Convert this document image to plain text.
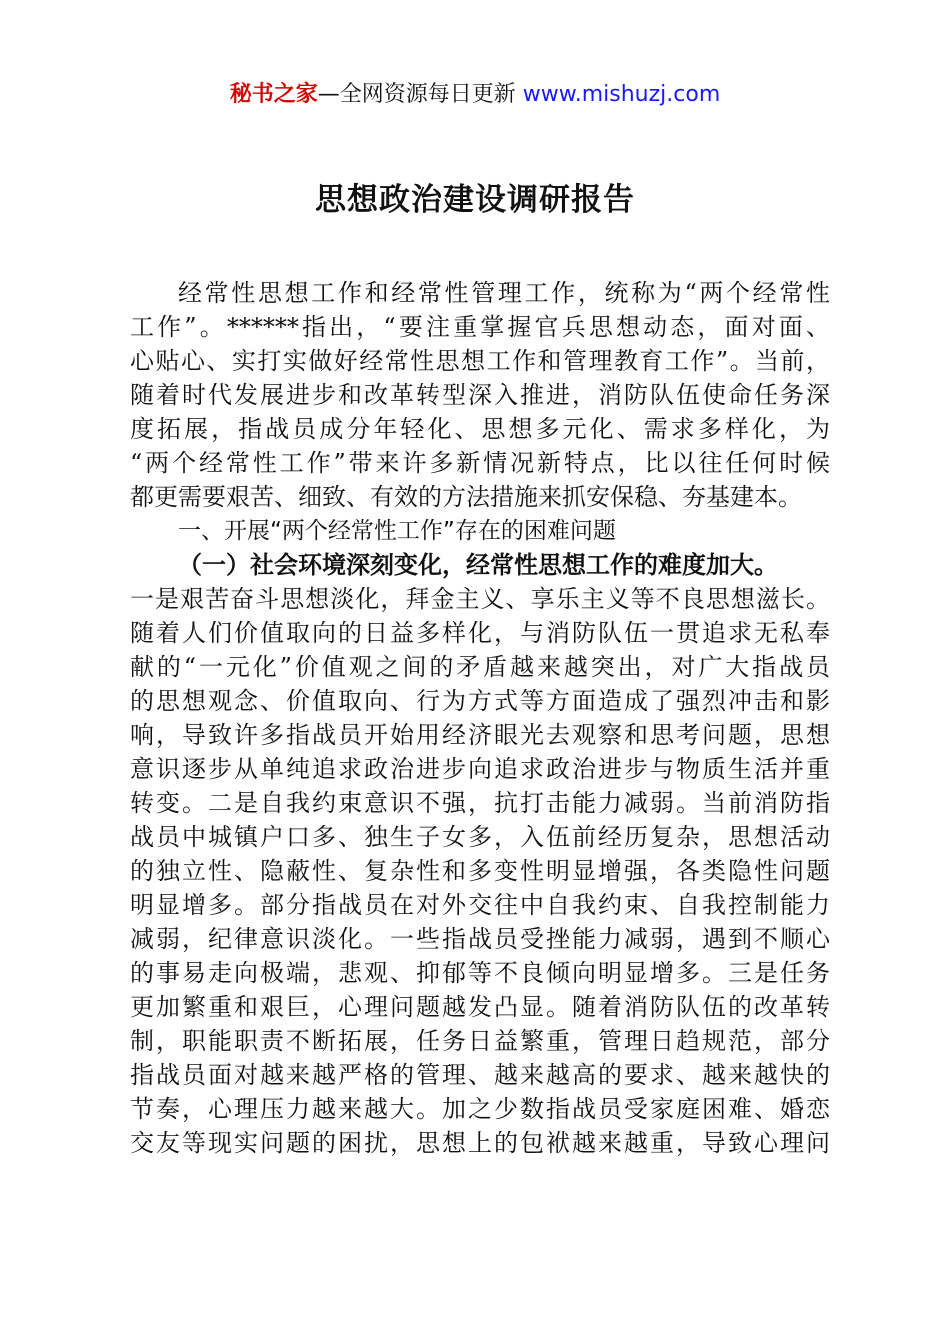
秘书之家—全网资源每日更新 www.mishuzj.com
思想政治建设调研报告
经常性思想工作和经常性管理工作，统称为“两个经常性
工作”。******指出，“要注重掌握官兵思想动态，面对面、
心贴心、实打实做好经常性思想工作和管理教育工作”。当前，
随着时代发展进步和改革转型深入推进，消防队伍使命任务深
度拓展，指战员成分年轻化、思想多元化、需求多样化，为
“两个经常性工作”带来许多新情况新特点，比以往任何时候
都更需要艰苦、细致、有效的方法措施来抓安保稳、夯基建本。
一、开展“两个经常性工作”存在的困难问题
（一）社会环境深刻变化，经常性思想工作的难度加大。
一是艰苦奋斗思想淡化，拜金主义、享乐主义等不良思想滋长。
随着人们价值取向的日益多样化，与消防队伍一贯追求无私奉
献的“一元化”价值观之间的矛盾越来越突出，对广大指战员
的思想观念、价值取向、行为方式等方面造成了强烈冲击和影
响，导致许多指战员开始用经济眼光去观察和思考问题，思想
意识逐步从单纯追求政治进步向追求政治进步与物质生活并重
转变。二是自我约束意识不强，抗打击能力减弱。当前消防指
战员中城镇户口多、独生子女多，入伍前经历复杂，思想活动
的独立性、隐蔽性、复杂性和多变性明显增强，各类隐性问题
明显增多。部分指战员在对外交往中自我约束、自我控制能力
减弱，纪律意识淡化。一些指战员受挫能力减弱，遇到不顺心
的事易走向极端，悲观、抑郁等不良倾向明显增多。三是任务
更加繁重和艰巨，心理问题越发凸显。随着消防队伍的改革转
制，职能职责不断拓展，任务日益繁重，管理日趋规范，部分
指战员面对越来越严格的管理、越来越高的要求、越来越快的
节奏，心理压力越来越大。加之少数指战员受家庭困难、婚恋
交友等现实问题的困扰，思想上的包袱越来越重，导致心理问
